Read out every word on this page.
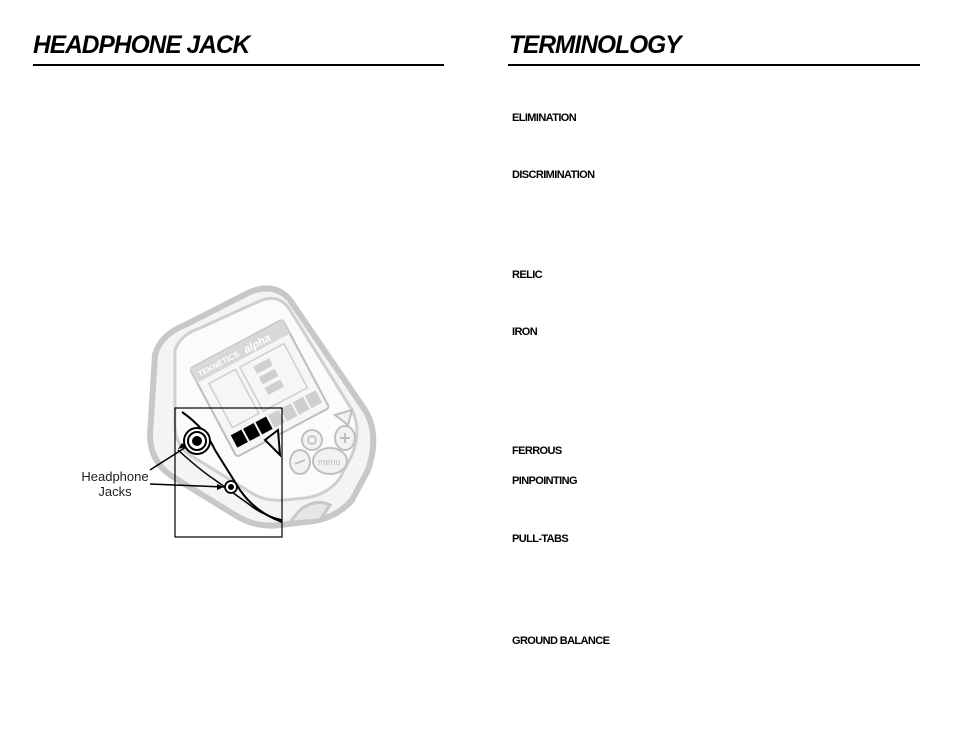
HEADPHONE JACK
TEKNETICS
alpha
menu
Headphone
Jacks
TERMINOLOGY
ELIMINATION
DISCRIMINATION
RELIC
IRON
FERROUS
PINPOINTING
PULL-TABS
GROUND BALANCE
